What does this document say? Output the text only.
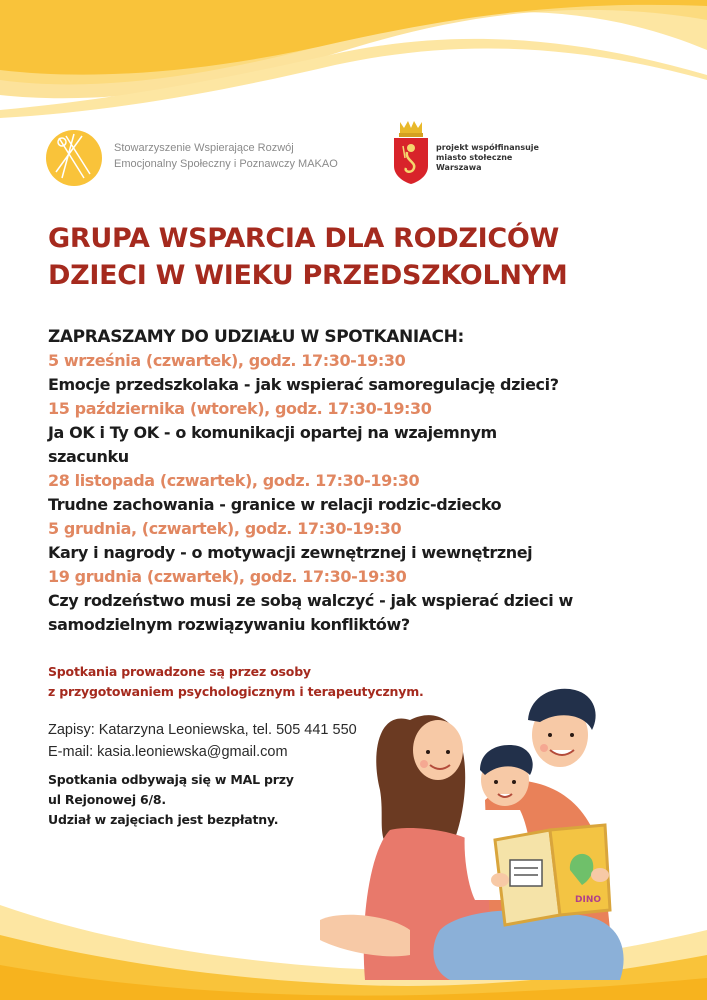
Stowarzyszenie Wspierające Rozwój
Emocjonalny Społeczny i Poznawczy MAKAO
projekt współfinansuje
miasto stołeczne
Warszawa
GRUPA WSPARCIA DLA RODZICÓW
DZIECI W WIEKU PRZEDSZKOLNYM
ZAPRASZAMY DO UDZIAŁU W SPOTKANIACH:
5 września (czwartek), godz. 17:30-19:30
Emocje przedszkolaka - jak wspierać samoregulację dzieci?
15 października (wtorek), godz. 17:30-19:30
Ja OK i Ty OK - o komunikacji opartej na wzajemnym
szacunku
28 listopada (czwartek), godz. 17:30-19:30
Trudne zachowania - granice w relacji rodzic-dziecko
5 grudnia, (czwartek), godz. 17:30-19:30
Kary i nagrody - o motywacji zewnętrznej i wewnętrznej
19 grudnia (czwartek), godz. 17:30-19:30
Czy rodzeństwo musi ze sobą walczyć - jak wspierać dzieci w
samodzielnym rozwiązywaniu konfliktów?
Spotkania prowadzone są przez osoby
z przygotowaniem psychologicznym i terapeutycznym.
Zapisy: Katarzyna Leoniewska, tel. 505 441 550
E-mail: kasia.leoniewska@gmail.com
Spotkania odbywają się w MAL przy
ul Rejonowej 6/8.
Udział w zajęciach jest bezpłatny.
DINO
